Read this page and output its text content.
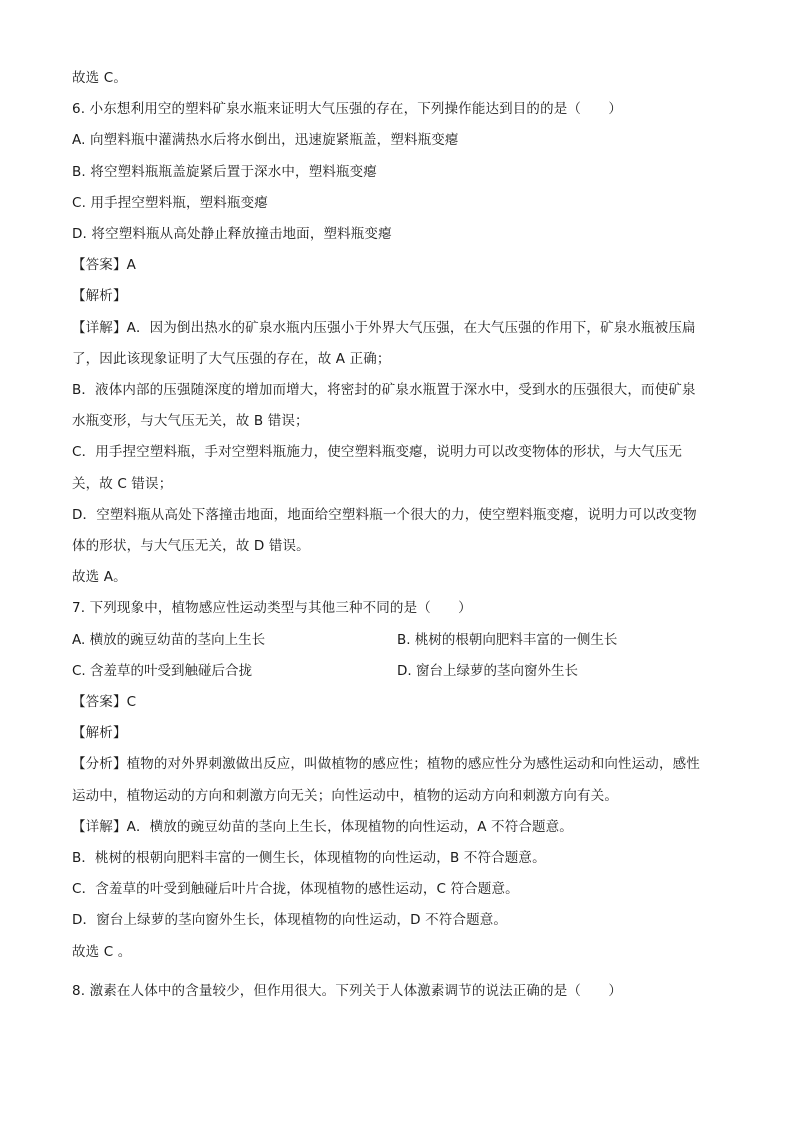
故选 C。
6. 小东想利用空的塑料矿泉水瓶来证明大气压强的存在，下列操作能达到目的的是（　　）
A. 向塑料瓶中灌满热水后将水倒出，迅速旋紧瓶盖，塑料瓶变瘪
B. 将空塑料瓶瓶盖旋紧后置于深水中，塑料瓶变瘪
C. 用手捏空塑料瓶，塑料瓶变瘪
D. 将空塑料瓶从高处静止释放撞击地面，塑料瓶变瘪
【答案】A
【解析】
【详解】A．因为倒出热水的矿泉水瓶内压强小于外界大气压强，在大气压强的作用下，矿泉水瓶被压扁
了，因此该现象证明了大气压强的存在，故 A 正确；
B．液体内部的压强随深度的增加而增大，将密封的矿泉水瓶置于深水中，受到水的压强很大，而使矿泉
水瓶变形，与大气压无关，故 B 错误；
C．用手捏空塑料瓶，手对空塑料瓶施力，使空塑料瓶变瘪，说明力可以改变物体的形状，与大气压无
关，故 C 错误；
D．空塑料瓶从高处下落撞击地面，地面给空塑料瓶一个很大的力，使空塑料瓶变瘪，说明力可以改变物
体的形状，与大气压无关，故 D 错误。
故选 A。
7. 下列现象中，植物感应性运动类型与其他三种不同的是（　　）
A. 横放的豌豆幼苗的茎向上生长	B. 桃树的根朝向肥料丰富的一侧生长
C. 含羞草的叶受到触碰后合拢	D. 窗台上绿萝的茎向窗外生长
【答案】C
【解析】
【分析】植物的对外界刺激做出反应，叫做植物的感应性；植物的感应性分为感性运动和向性运动，感性
运动中，植物运动的方向和刺激方向无关；向性运动中，植物的运动方向和刺激方向有关。
【详解】A．横放的豌豆幼苗的茎向上生长，体现植物的向性运动，A 不符合题意。
B．桃树的根朝向肥料丰富的一侧生长，体现植物的向性运动，B 不符合题意。
C．含羞草的叶受到触碰后叶片合拢，体现植物的感性运动，C 符合题意。
D．窗台上绿萝的茎向窗外生长，体现植物的向性运动，D 不符合题意。
故选 C 。
8. 激素在人体中的含量较少，但作用很大。下列关于人体激素调节的说法正确的是（　　）
